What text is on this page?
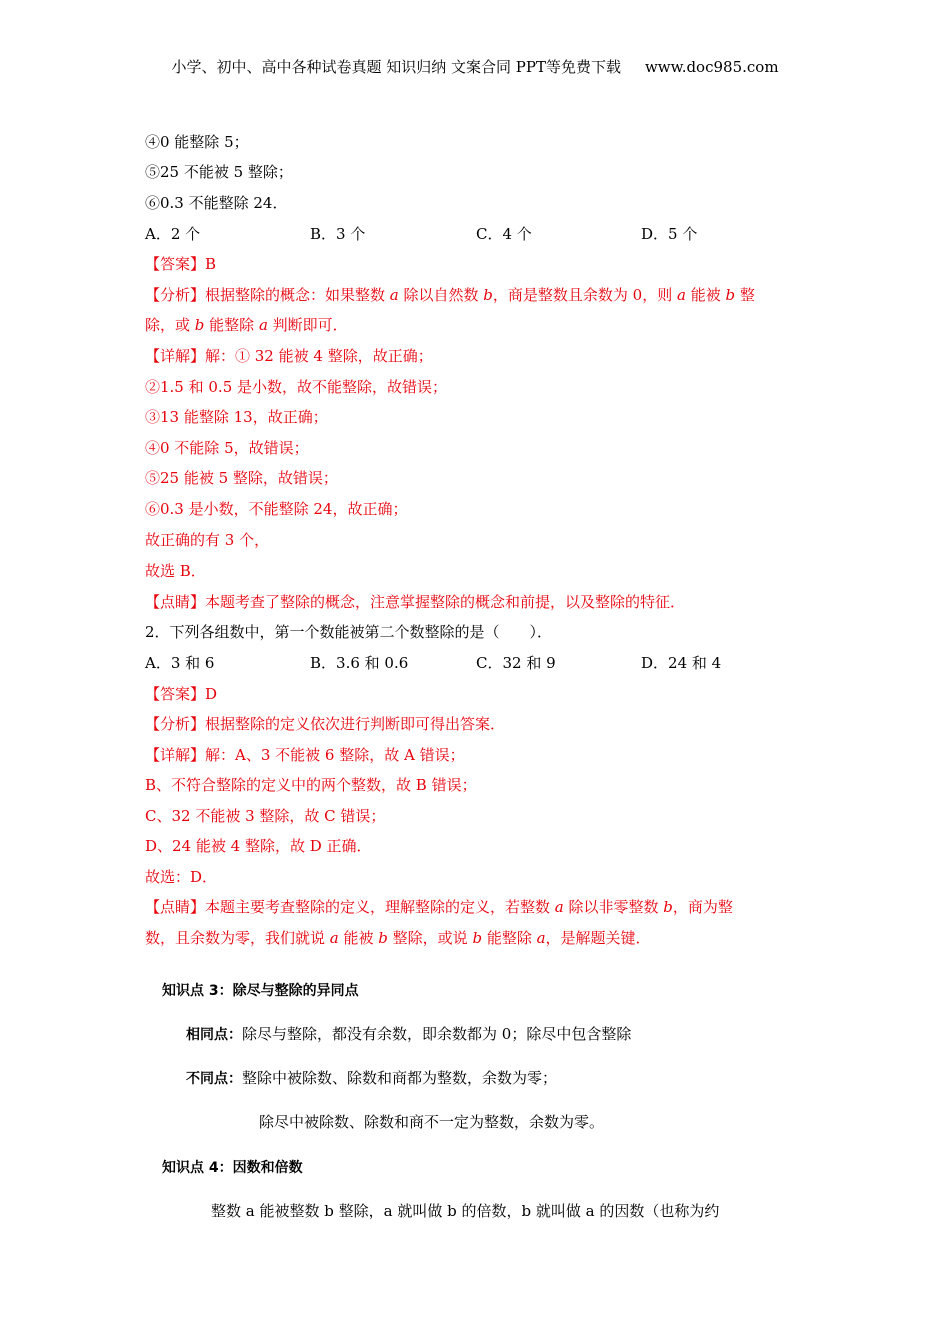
小学、初中、高中各种试卷真题 知识归纳 文案合同 PPT等免费下载 www.doc985.com
④0 能整除 5；
⑤25 不能被 5 整除；
⑥0.3 不能整除 24．
A．2 个	B．3 个	C．4 个	D．5 个
【答案】B
【分析】根据整除的概念：如果整数 a 除以自然数 b，商是整数且余数为 0，则 a 能被 b 整
除，或 b 能整除 a 判断即可．
【详解】解：① 32 能被 4 整除，故正确；
②1.5 和 0.5 是小数，故不能整除，故错误；
③13 能整除 13，故正确；
④0 不能除 5，故错误；
⑤25 能被 5 整除，故错误；
⑥0.3 是小数，不能整除 24，故正确；
故正确的有 3 个，
故选 B．
【点睛】本题考查了整除的概念，注意掌握整除的概念和前提，以及整除的特征．
2．下列各组数中，第一个数能被第二个数整除的是（　　）．
A．3 和 6	B．3.6 和 0.6	C．32 和 9	D．24 和 4
【答案】D
【分析】根据整除的定义依次进行判断即可得出答案．
【详解】解：A、3 不能被 6 整除，故 A 错误；
B、不符合整除的定义中的两个整数，故 B 错误；
C、32 不能被 3 整除，故 C 错误；
D、24 能被 4 整除，故 D 正确．
故选：D．
【点睛】本题主要考查整除的定义，理解整除的定义，若整数 a 除以非零整数 b，商为整
数，且余数为零，我们就说 a 能被 b 整除，或说 b 能整除 a，是解题关键．
知识点 3：除尽与整除的异同点
相同点：除尽与整除，都没有余数，即余数都为 0；除尽中包含整除
不同点：整除中被除数、除数和商都为整数，余数为零；
除尽中被除数、除数和商不一定为整数，余数为零。
知识点 4：因数和倍数
整数 a 能被整数 b 整除，a 就叫做 b 的倍数，b 就叫做 a 的因数（也称为约
